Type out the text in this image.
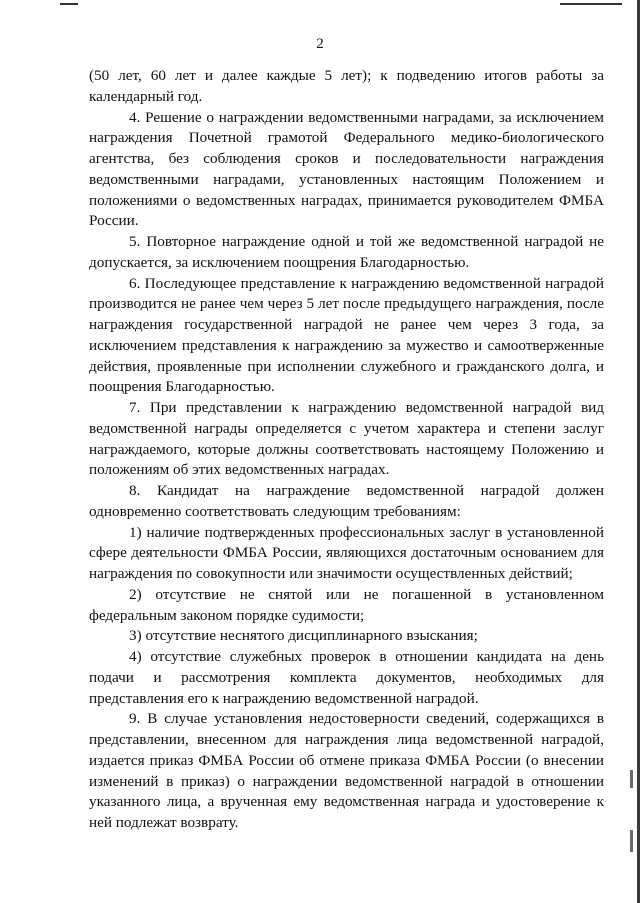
2

(50 лет, 60 лет и далее каждые 5 лет); к подведению итогов работы за календарный год.

4. Решение о награждении ведомственными наградами, за исключением награждения Почетной грамотой Федерального медико-биологического агентства, без соблюдения сроков и последовательности награждения ведомственными наградами, установленных настоящим Положением и положениями о ведомственных наградах, принимается руководителем ФМБА России.

5. Повторное награждение одной и той же ведомственной наградой не допускается, за исключением поощрения Благодарностью.

6. Последующее представление к награждению ведомственной наградой производится не ранее чем через 5 лет после предыдущего награждения, после награждения государственной наградой не ранее чем через 3 года, за исключением представления к награждению за мужество и самоотверженные действия, проявленные при исполнении служебного и гражданского долга, и поощрения Благодарностью.

7. При представлении к награждению ведомственной наградой вид ведомственной награды определяется с учетом характера и степени заслуг награждаемого, которые должны соответствовать настоящему Положению и положениям об этих ведомственных наградах.

8. Кандидат на награждение ведомственной наградой должен одновременно соответствовать следующим требованиям:

1) наличие подтвержденных профессиональных заслуг в установленной сфере деятельности ФМБА России, являющихся достаточным основанием для награждения по совокупности или значимости осуществленных действий;

2) отсутствие не снятой или не погашенной в установленном федеральным законом порядке судимости;

3) отсутствие неснятого дисциплинарного взыскания;

4) отсутствие служебных проверок в отношении кандидата на день подачи и рассмотрения комплекта документов, необходимых для представления его к награждению ведомственной наградой.

9. В случае установления недостоверности сведений, содержащихся в представлении, внесенном для награждения лица ведомственной наградой, издается приказ ФМБА России об отмене приказа ФМБА России (о внесении изменений в приказ) о награждении ведомственной наградой в отношении указанного лица, а врученная ему ведомственная награда и удостоверение к ней подлежат возврату.
